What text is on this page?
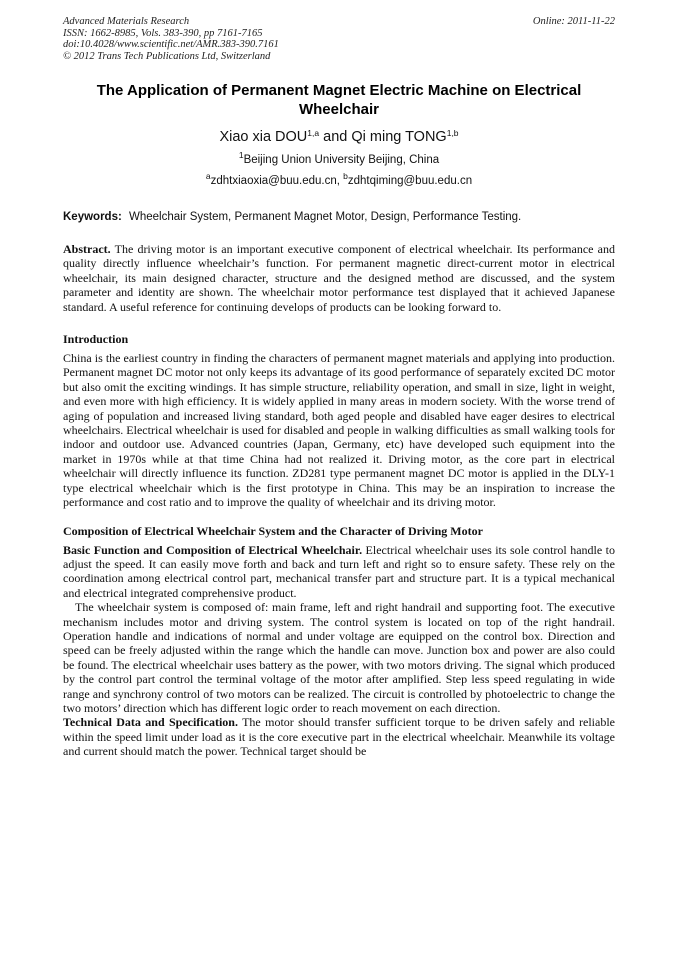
Advanced Materials Research
ISSN: 1662-8985, Vols. 383-390, pp 7161-7165
doi:10.4028/www.scientific.net/AMR.383-390.7161
© 2012 Trans Tech Publications Ltd, Switzerland
Online: 2011-11-22
The Application of Permanent Magnet Electric Machine on Electrical Wheelchair
Xiao xia DOU$^{1,a}$ and Qi ming TONG$^{1,b}$
$^1$Beijing Union University Beijing, China
$^a$zdhtxiaoxia@buu.edu.cn, $^b$zdhtqiming@buu.edu.cn
Keywords: Wheelchair System, Permanent Magnet Motor, Design, Performance Testing.

Abstract. The driving motor is an important executive component of electrical wheelchair. Its performance and quality directly influence wheelchair’s function. For permanent magnetic direct-current motor in electrical wheelchair, its main designed character, structure and the designed method are discussed, and the system parameter and identity are shown. The wheelchair motor performance test displayed that it achieved Japanese standard. A useful reference for continuing develops of products can be looking forward to.

Introduction

China is the earliest country in finding the characters of permanent magnet materials and applying into production. Permanent magnet DC motor not only keeps its advantage of its good performance of separately excited DC motor but also omit the exciting windings. It has simple structure, reliability operation, and small in size, light in weight, and even more with high efficiency. It is widely applied in many areas in modern society. With the worse trend of aging of population and increased living standard, both aged people and disabled have eager desires to electrical wheelchairs. Electrical wheelchair is used for disabled and people in walking difficulties as small walking tools for indoor and outdoor use. Advanced countries (Japan, Germany, etc) have developed such equipment into the market in 1970s while at that time China had not realized it. Driving motor, as the core part in electrical wheelchair will directly influence its function. ZD281 type permanent magnet DC motor is applied in the DLY-1 type electrical wheelchair which is the first prototype in China. This may be an inspiration to increase the performance and cost ratio and to improve the quality of wheelchair and its driving motor.

Composition of Electrical Wheelchair System and the Character of Driving Motor

Basic Function and Composition of Electrical Wheelchair. Electrical wheelchair uses its sole control handle to adjust the speed. It can easily move forth and back and turn left and right so to ensure safety. These rely on the coordination among electrical control part, mechanical transfer part and structure part. It is a typical mechanical and electrical integrated comprehensive product.

The wheelchair system is composed of: main frame, left and right handrail and supporting foot. The executive mechanism includes motor and driving system. The control system is located on top of the right handrail. Operation handle and indications of normal and under voltage are equipped on the control box. Direction and speed can be freely adjusted within the range which the handle can move. Junction box and power are also could be found. The electrical wheelchair uses battery as the power, with two motors driving. The signal which produced by the control part control the terminal voltage of the motor after amplified. Step less speed regulating in wide range and synchrony control of two motors can be realized. The circuit is controlled by photoelectric to change the two motors’ direction which has different logic order to reach movement on each direction.

Technical Data and Specification. The motor should transfer sufficient torque to be driven safely and reliable within the speed limit under load as it is the core executive part in the electrical wheelchair. Meanwhile its voltage and current should match the power. Technical target should be
